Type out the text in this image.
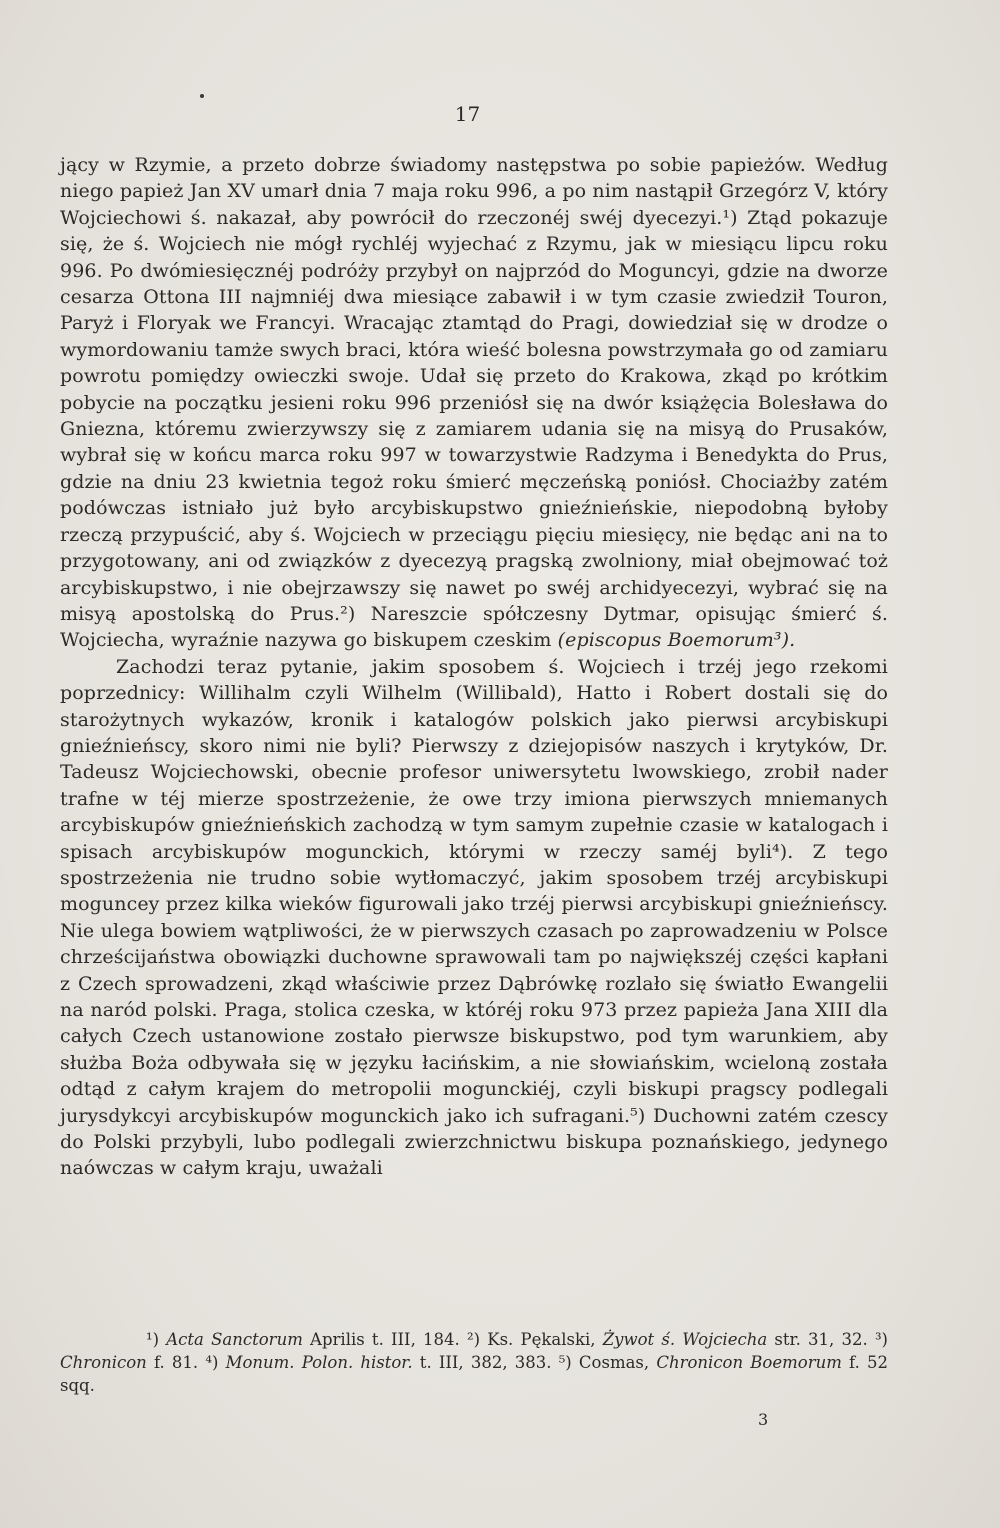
17

jący w Rzymie, a przeto dobrze świadomy następstwa po sobie papieżów. Według niego papież Jan XV umarł dnia 7 maja roku 996, a po nim nastąpił Grzegórz V, który Wojciechowi ś. nakazał, aby powrócił do rzeczonéj swéj dyecezyi.¹) Ztąd pokazuje się, że ś. Wojciech nie mógł rychléj wyjechać z Rzymu, jak w miesiącu lipcu roku 996. Po dwómiesięcznéj podróży przybył on najprzód do Moguncyi, gdzie na dworze cesarza Ottona III najmniéj dwa miesiące zabawił i w tym czasie zwiedził Touron, Paryż i Floryak we Francyi. Wracając ztamtąd do Pragi, dowiedział się w drodze o wymordowaniu tamże swych braci, która wieść bolesna powstrzymała go od zamiaru powrotu pomiędzy owieczki swoje. Udał się przeto do Krakowa, zkąd po krótkim pobycie na początku jesieni roku 996 przeniósł się na dwór książęcia Bolesława do Gniezna, któremu zwierzywszy się z zamiarem udania się na misyą do Prusaków, wybrał się w końcu marca roku 997 w towarzystwie Radzyma i Benedykta do Prus, gdzie na dniu 23 kwietnia tegoż roku śmierć męczeńską poniósł. Chociażby zatém podówczas istniało już było arcybiskupstwo gnieźnieńskie, niepodobną byłoby rzeczą przypuścić, aby ś. Wojciech w przeciągu pięciu miesięcy, nie będąc ani na to przygotowany, ani od związków z dyecezyą pragską zwolniony, miał obejmować toż arcybiskupstwo, i nie obejrzawszy się nawet po swéj archidyecezyi, wybrać się na misyą apostolską do Prus.²) Nareszcie spółczesny Dytmar, opisując śmierć ś. Wojciecha, wyraźnie nazywa go biskupem czeskim (episcopus Boemorum³).

Zachodzi teraz pytanie, jakim sposobem ś. Wojciech i trzéj jego rzekomi poprzednicy: Willihalm czyli Wilhelm (Willibald), Hatto i Robert dostali się do starożytnych wykazów, kronik i katalogów polskich jako pierwsi arcybiskupi gnieźnieńscy, skoro nimi nie byli? Pierwszy z dziejopisów naszych i krytyków, Dr. Tadeusz Wojciechowski, obecnie profesor uniwersytetu lwowskiego, zrobił nader trafne w téj mierze spostrzeżenie, że owe trzy imiona pierwszych mniemanych arcybiskupów gnieźnieńskich zachodzą w tym samym zupełnie czasie w katalogach i spisach arcybiskupów mogunckich, którymi w rzeczy saméj byli⁴). Z tego spostrzeżenia nie trudno sobie wytłomaczyć, jakim sposobem trzéj arcybiskupi moguncey przez kilka wieków figurowali jako trzéj pierwsi arcybiskupi gnieźnieńscy. Nie ulega bowiem wątpliwości, że w pierwszych czasach po zaprowadzeniu w Polsce chrześcijaństwa obowiązki duchowne sprawowali tam po największéj części kapłani z Czech sprowadzeni, zkąd właściwie przez Dąbrówkę rozlało się światło Ewangelii na naród polski. Praga, stolica czeska, w któréj roku 973 przez papieża Jana XIII dla całych Czech ustanowione zostało pierwsze biskupstwo, pod tym warunkiem, aby służba Boża odbywała się w języku łacińskim, a nie słowiańskim, wcieloną została odtąd z całym krajem do metropolii mogunckiéj, czyli biskupi pragscy podlegali jurysdykcyi arcybiskupów mogunckich jako ich sufragani.⁵) Duchowni zatém czescy do Polski przybyli, lubo podlegali zwierzchnictwu biskupa poznańskiego, jedynego naówczas w całym kraju, uważali

¹) Acta Sanctorum Aprilis t. III, 184. ²) Ks. Pękalski, Żywot ś. Wojciecha str. 31, 32. ³) Chronicon f. 81. ⁴) Monum. Polon. histor. t. III, 382, 383. ⁵) Cosmas, Chronicon Boemorum f. 52 sqq.

3
